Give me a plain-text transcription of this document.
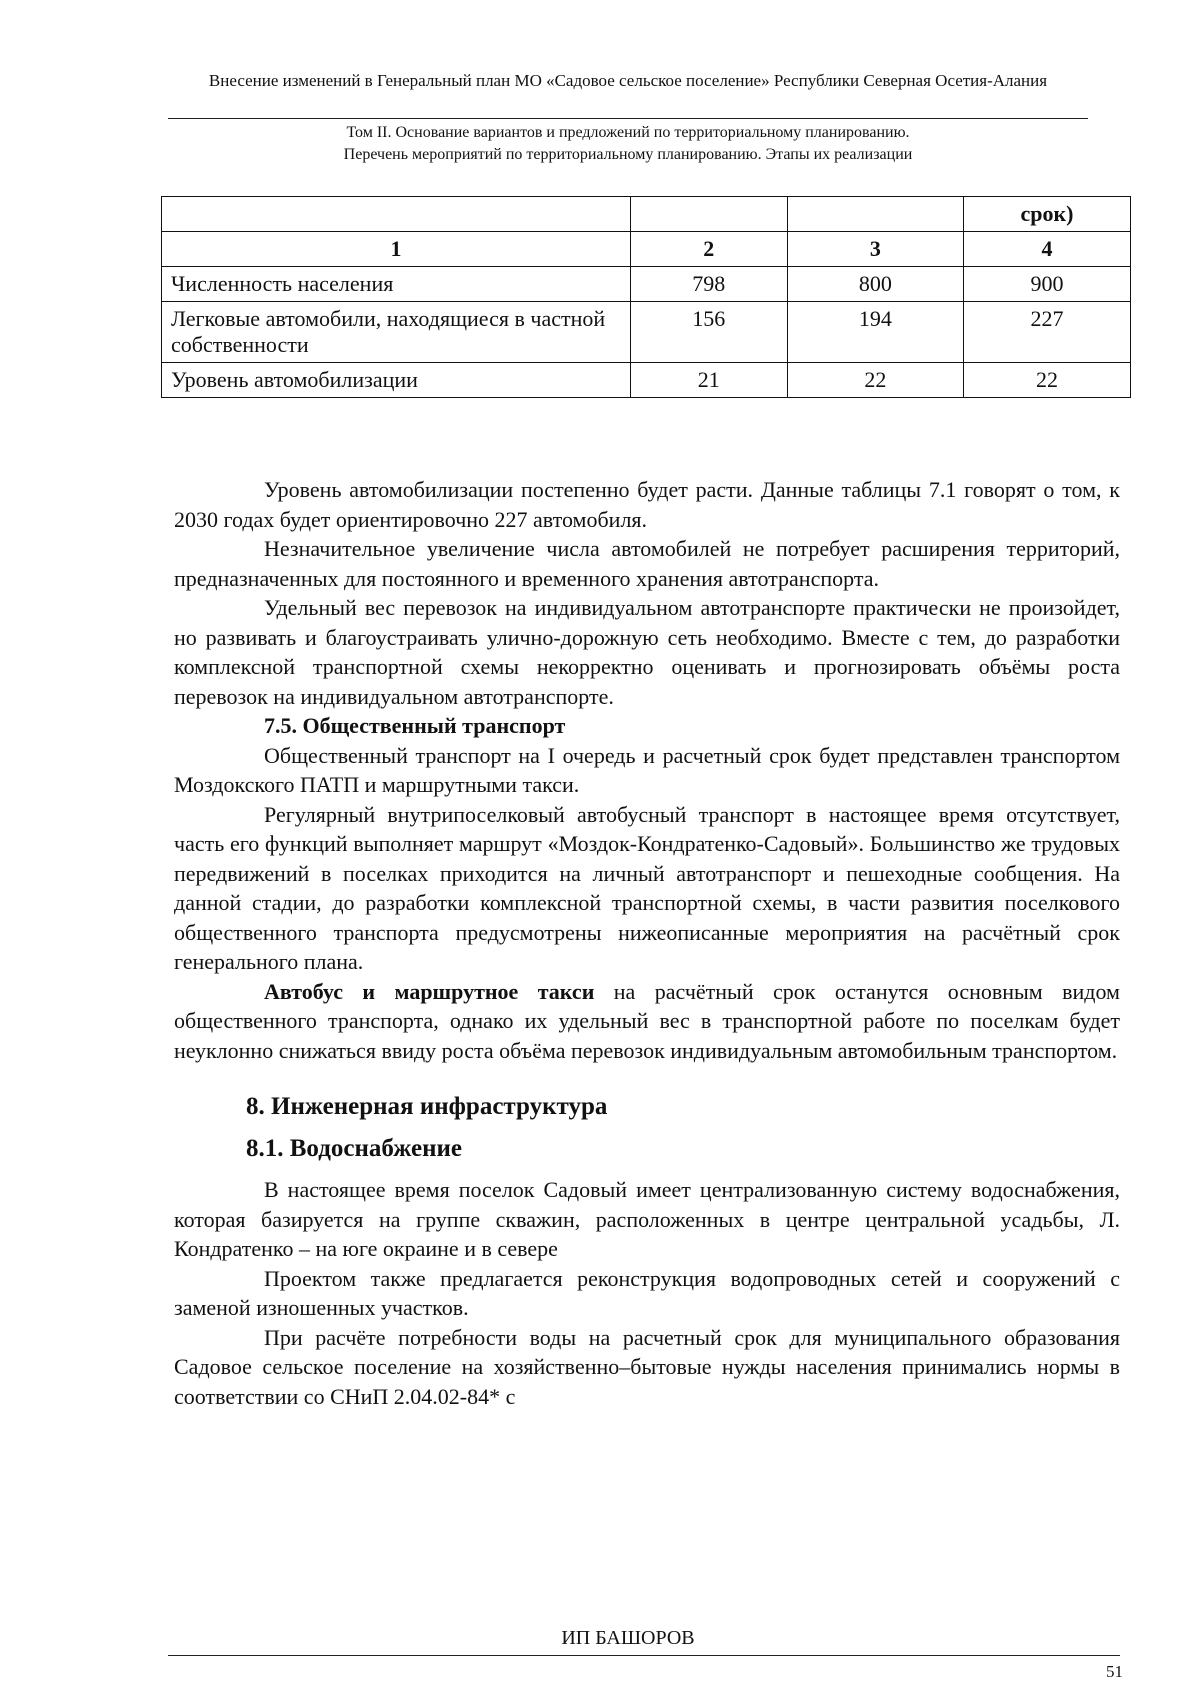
Внесение изменений в Генеральный план МО «Садовое сельское поселение» Республики Северная Осетия-Алания
Том II. Основание вариантов и предложений по территориальному планированию.
Перечень мероприятий по территориальному планированию. Этапы их реализации
			срок)
1	2	3	4
Численность населения	798	800	900
Легковые автомобили, находящиеся в частной собственности	156	194	227
Уровень автомобилизации	21	22	22

Уровень автомобилизации постепенно будет расти. Данные таблицы 7.1 говорят о том, к 2030 годах будет ориентировочно 227 автомобиля.

Незначительное увеличение числа автомобилей не потребует расширения территорий, предназначенных для постоянного и временного хранения автотранспорта.

Удельный вес перевозок на индивидуальном автотранспорте практически не произойдет, но развивать и благоустраивать улично-дорожную сеть необходимо. Вместе с тем, до разработки комплексной транспортной схемы некорректно оценивать и прогнозировать объёмы роста перевозок на индивидуальном автотранспорте.

7.5. Общественный транспорт

Общественный транспорт на I очередь и расчетный срок будет представлен транспортом Моздокского ПАТП и маршрутными такси.

Регулярный внутрипоселковый автобусный транспорт в настоящее время отсутствует, часть его функций выполняет маршрут «Моздок-Кондратенко-Садовый». Большинство же трудовых передвижений в поселках приходится на личный автотранспорт и пешеходные сообщения. На данной стадии, до разработки комплексной транспортной схемы, в части развития поселкового общественного транспорта предусмотрены нижеописанные мероприятия на расчётный срок генерального плана.

Автобус и маршрутное такси на расчётный срок останутся основным видом общественного транспорта, однако их удельный вес в транспортной работе по поселкам будет неуклонно снижаться ввиду роста объёма перевозок индивидуальным автомобильным транспортом.

8. Инженерная инфраструктура
8.1. Водоснабжение

В настоящее время поселок Садовый имеет централизованную систему водоснабжения, которая базируется на группе скважин, расположенных в центре центральной усадьбы, Л. Кондратенко – на юге окраине и в севере

Проектом также предлагается реконструкция водопроводных сетей и сооружений с заменой изношенных участков.

При расчёте потребности воды на расчетный срок для муниципального образования Садовое сельское поселение на хозяйственно–бытовые нужды населения принимались нормы в соответствии со СНиП 2.04.02-84* с

ИП БАШОРОВ
51
